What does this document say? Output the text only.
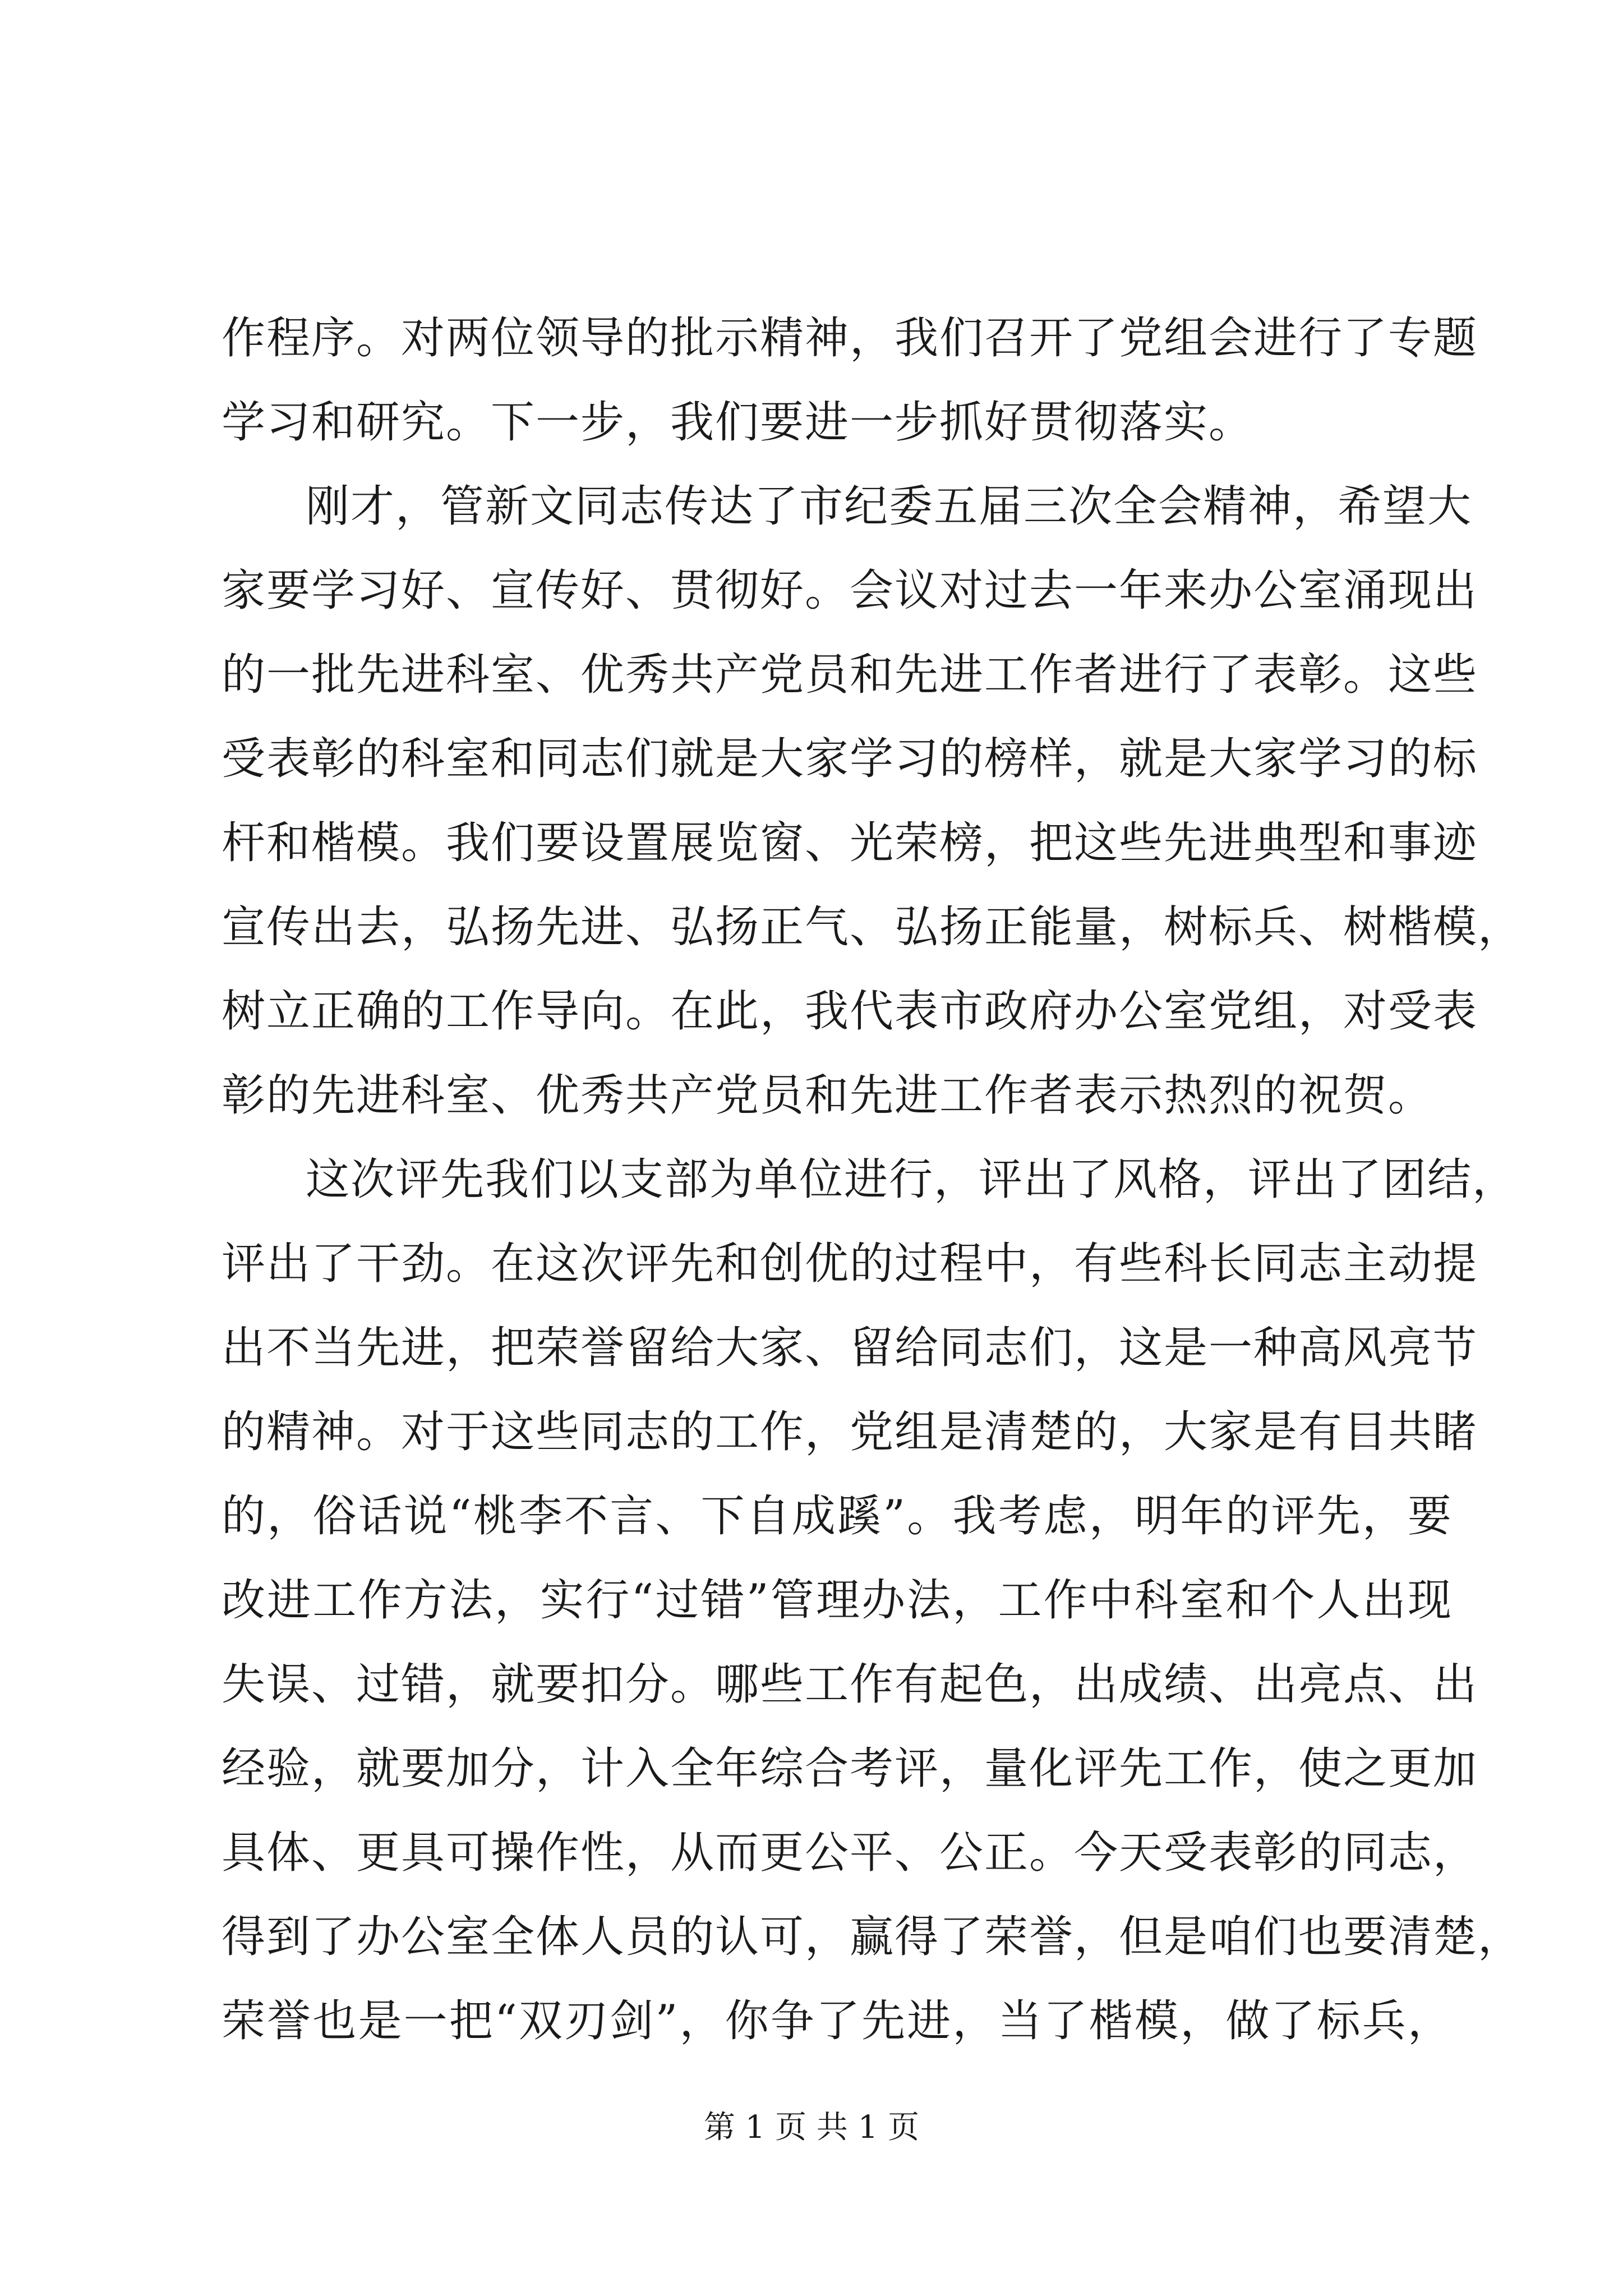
作程序。对两位领导的批示精神，我们召开了党组会进行了专题
学习和研究。下一步，我们要进一步抓好贯彻落实。
刚才，管新文同志传达了市纪委五届三次全会精神，希望大
家要学习好、宣传好、贯彻好。会议对过去一年来办公室涌现出
的一批先进科室、优秀共产党员和先进工作者进行了表彰。这些
受表彰的科室和同志们就是大家学习的榜样，就是大家学习的标
杆和楷模。我们要设置展览窗、光荣榜，把这些先进典型和事迹
宣传出去，弘扬先进、弘扬正气、弘扬正能量，树标兵、树楷模，
树立正确的工作导向。在此，我代表市政府办公室党组，对受表
彰的先进科室、优秀共产党员和先进工作者表示热烈的祝贺。
这次评先我们以支部为单位进行，评出了风格，评出了团结，
评出了干劲。在这次评先和创优的过程中，有些科长同志主动提
出不当先进，把荣誉留给大家、留给同志们，这是一种高风亮节
的精神。对于这些同志的工作，党组是清楚的，大家是有目共睹
的，俗话说“桃李不言、下自成蹊”。我考虑，明年的评先，要
改进工作方法，实行“过错”管理办法，工作中科室和个人出现
失误、过错，就要扣分。哪些工作有起色，出成绩、出亮点、出
经验，就要加分，计入全年综合考评，量化评先工作，使之更加
具体、更具可操作性，从而更公平、公正。今天受表彰的同志，
得到了办公室全体人员的认可，赢得了荣誉，但是咱们也要清楚，
荣誉也是一把“双刃剑”，你争了先进，当了楷模，做了标兵，
第 1 页 共 1 页
